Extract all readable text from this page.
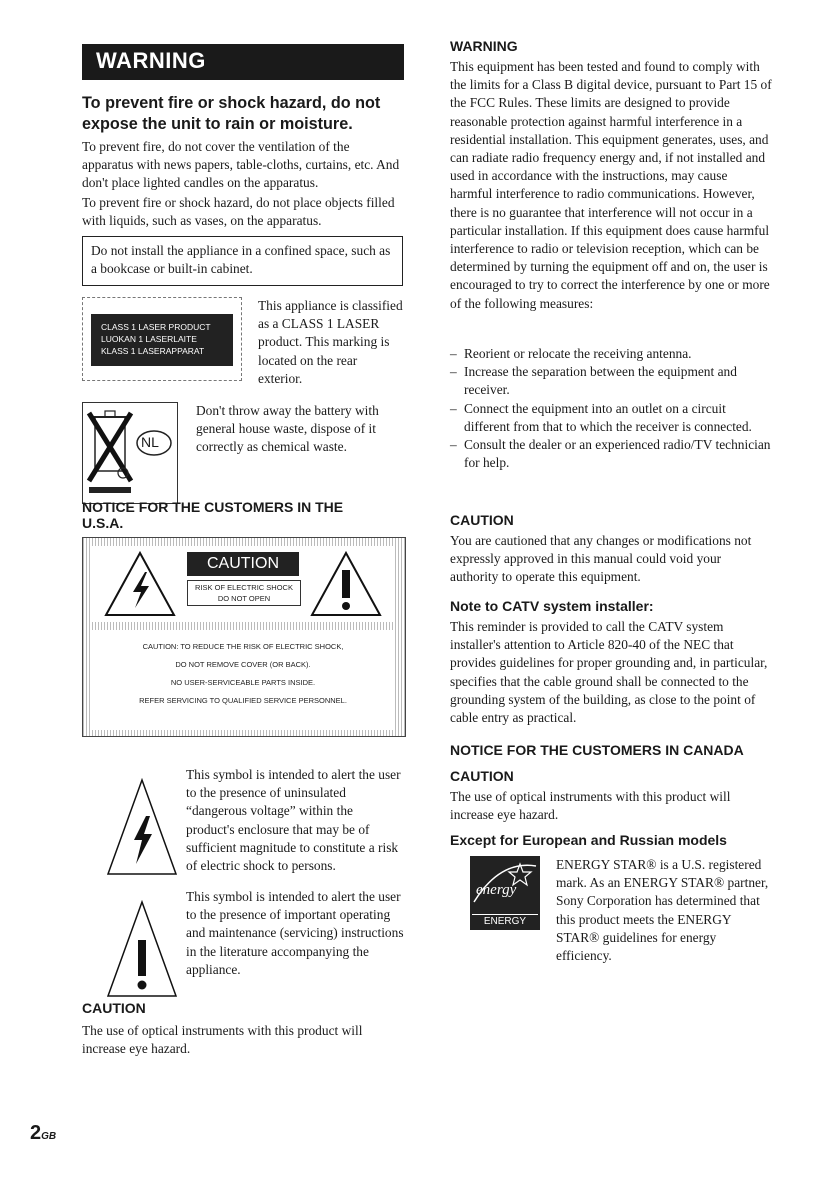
WARNING
To prevent fire or shock hazard, do not expose the unit to rain or moisture.

To prevent fire, do not cover the ventilation of the apparatus with news papers, table-cloths, curtains, etc. And don't place lighted candles on the apparatus.

To prevent fire or shock hazard, do not place objects filled with liquids, such as vases, on the apparatus.

Do not install the appliance in a confined space, such as a bookcase or built-in cabinet.

CLASS 1 LASER PRODUCT
LUOKAN 1 LASERLAITE
KLASS 1 LASERAPPARAT

This appliance is classified as a CLASS 1 LASER product. This marking is located on the rear exterior.

NL

Don't throw away the battery with general house waste, dispose of it correctly as chemical waste.

NOTICE FOR THE CUSTOMERS IN THE U.S.A.
CAUTION
RISK OF ELECTRIC SHOCK
DO NOT OPEN
CAUTION: TO REDUCE THE RISK OF ELECTRIC SHOCK,
DO NOT REMOVE COVER (OR BACK).
NO USER-SERVICEABLE PARTS INSIDE.
REFER SERVICING TO QUALIFIED SERVICE PERSONNEL.

This symbol is intended to alert the user to the presence of uninsulated “dangerous voltage” within the product's enclosure that may be of sufficient magnitude to constitute a risk of electric shock to persons.

This symbol is intended to alert the user to the presence of important operating and maintenance (servicing) instructions in the literature accompanying the appliance.

CAUTION

The use of optical instruments with this product will increase eye hazard.

2GB
WARNING

This equipment has been tested and found to comply with the limits for a Class B digital device, pursuant to Part 15 of the FCC Rules. These limits are designed to provide reasonable protection against harmful interference in a residential installation. This equipment generates, uses, and can radiate radio frequency energy and, if not installed and used in accordance with the instructions, may cause harmful interference to radio communications. However, there is no guarantee that interference will not occur in a particular installation. If this equipment does cause harmful interference to radio or television reception, which can be determined by turning the equipment off and on, the user is encouraged to try to correct the interference by one or more of the following measures:

– Reorient or relocate the receiving antenna.
– Increase the separation between the equipment and receiver.
– Connect the equipment into an outlet on a circuit different from that to which the receiver is connected.
– Consult the dealer or an experienced radio/TV technician for help.
CAUTION

You are cautioned that any changes or modifications not expressly approved in this manual could void your authority to operate this equipment.

Note to CATV system installer:

This reminder is provided to call the CATV system installer's attention to Article 820-40 of the NEC that provides guidelines for proper grounding and, in particular, specifies that the cable ground shall be connected to the grounding system of the building, as close to the point of cable entry as practical.

NOTICE FOR THE CUSTOMERS IN CANADA
CAUTION

The use of optical instruments with this product will increase eye hazard.

Except for European and Russian models
energy
ENERGY STAR

ENERGY STAR® is a U.S. registered mark. As an ENERGY STAR® partner, Sony Corporation has determined that this product meets the ENERGY STAR® guidelines for energy efficiency.
